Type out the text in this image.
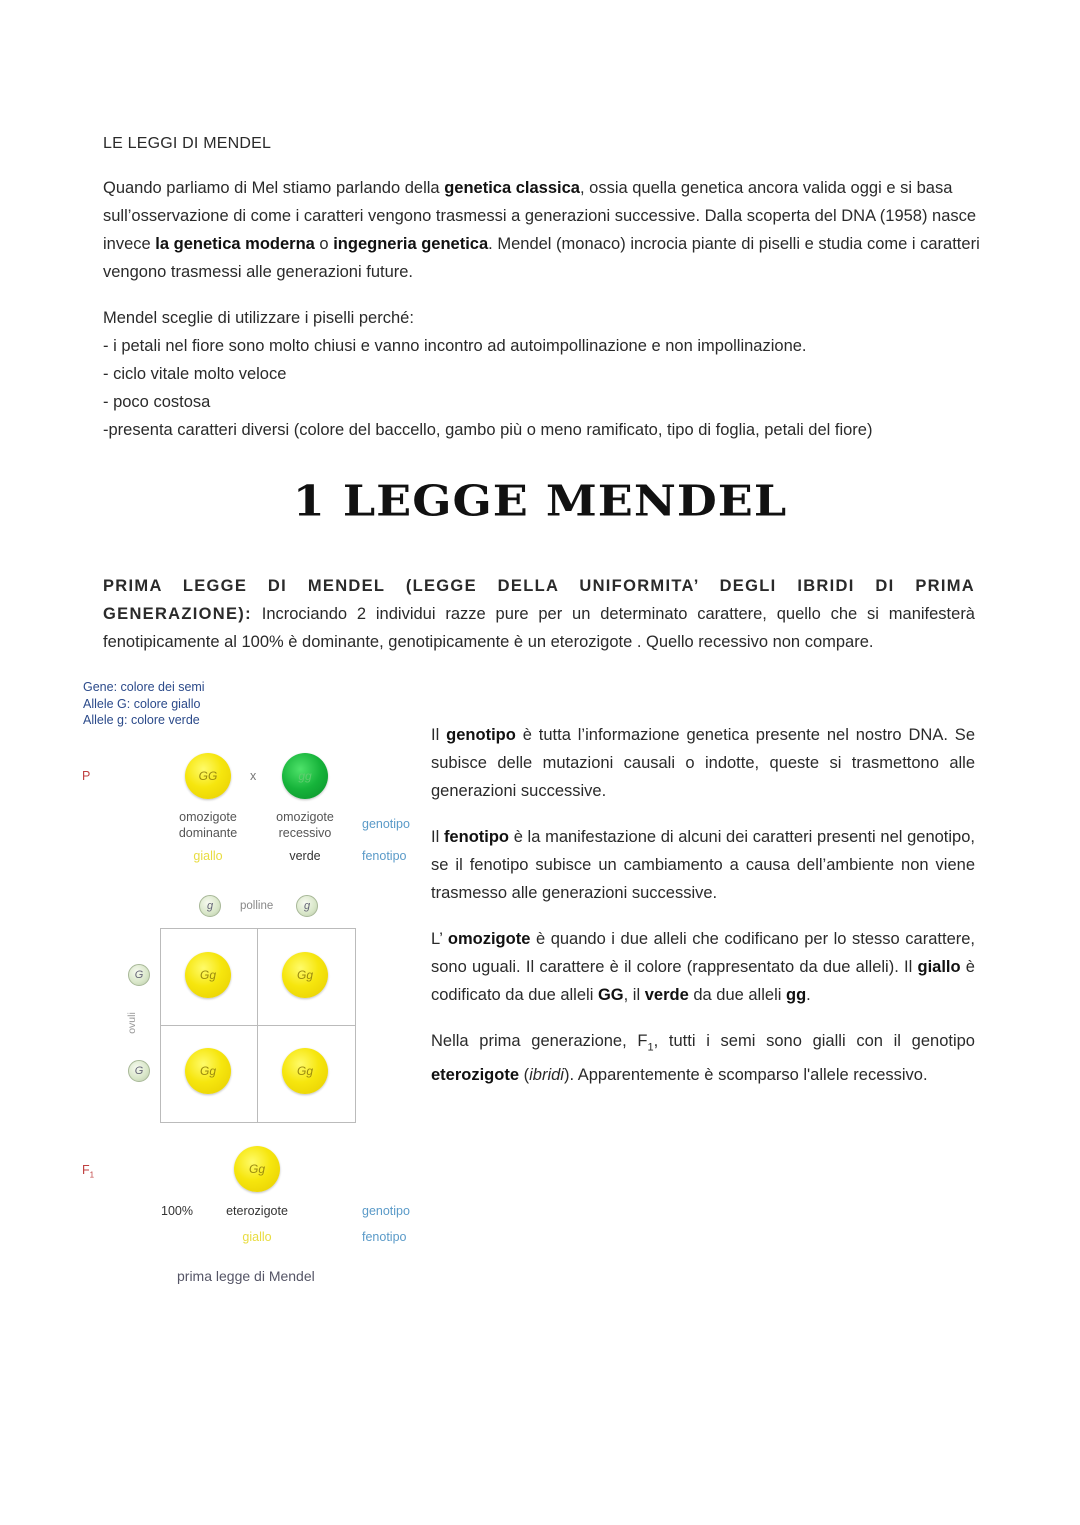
LE LEGGI DI MENDEL
Quando parliamo di Mel stiamo parlando della genetica classica, ossia quella genetica ancora valida oggi e si basa sull’osservazione di come i caratteri vengono trasmessi a generazioni successive. Dalla scoperta del DNA (1958) nasce invece la genetica moderna o ingegneria genetica. Mendel (monaco) incrocia piante di piselli e studia come i caratteri vengono trasmessi alle generazioni future.
Mendel sceglie di utilizzare i piselli perché:
- i petali nel fiore sono molto chiusi e vanno incontro ad autoimpollinazione e non impollinazione.
- ciclo vitale molto veloce
- poco costosa
-presenta caratteri diversi (colore del baccello, gambo più o meno ramificato, tipo di foglia, petali del fiore)
1 LEGGE MENDEL
PRIMA LEGGE DI MENDEL (LEGGE DELLA UNIFORMITA’ DEGLI IBRIDI DI PRIMA GENERAZIONE): Incrociando 2 individui razze pure per un determinato carattere, quello che si manifesterà fenotipicamente al 100% è dominante, genotipicamente è un eterozigote . Quello recessivo non compare.

Il genotipo è tutta l’informazione genetica presente nel nostro DNA. Se subisce delle mutazioni causali o indotte, queste si trasmettono alle generazioni successive.

Il fenotipo è la manifestazione di alcuni dei caratteri presenti nel genotipo, se il fenotipo subisce un cambiamento a causa dell’ambiente non viene trasmesso alle generazioni successive.

L’ omozigote è quando i due alleli che codificano per lo stesso carattere, sono uguali. Il carattere è il colore (rappresentato da due alleli). Il giallo è codificato da due alleli GG, il verde da due alleli gg.

Nella prima generazione, $F_1$, tutti i semi sono gialli con il genotipo eterozigote (ibridi). Apparentemente è scomparso l'allele recessivo.

Gene: colore dei semi
Allele G: colore giallo
Allele g: colore verde
P	GG	x	gg
omozigote
dominante
omozigote
recessivo
genotipo
giallo	verde	fenotipo
g	polline	g
G
ovuli
G
Gg	Gg
Gg	Gg
$F_1$	Gg
100%	eterozigote	genotipo
giallo	fenotipo
prima legge di Mendel
